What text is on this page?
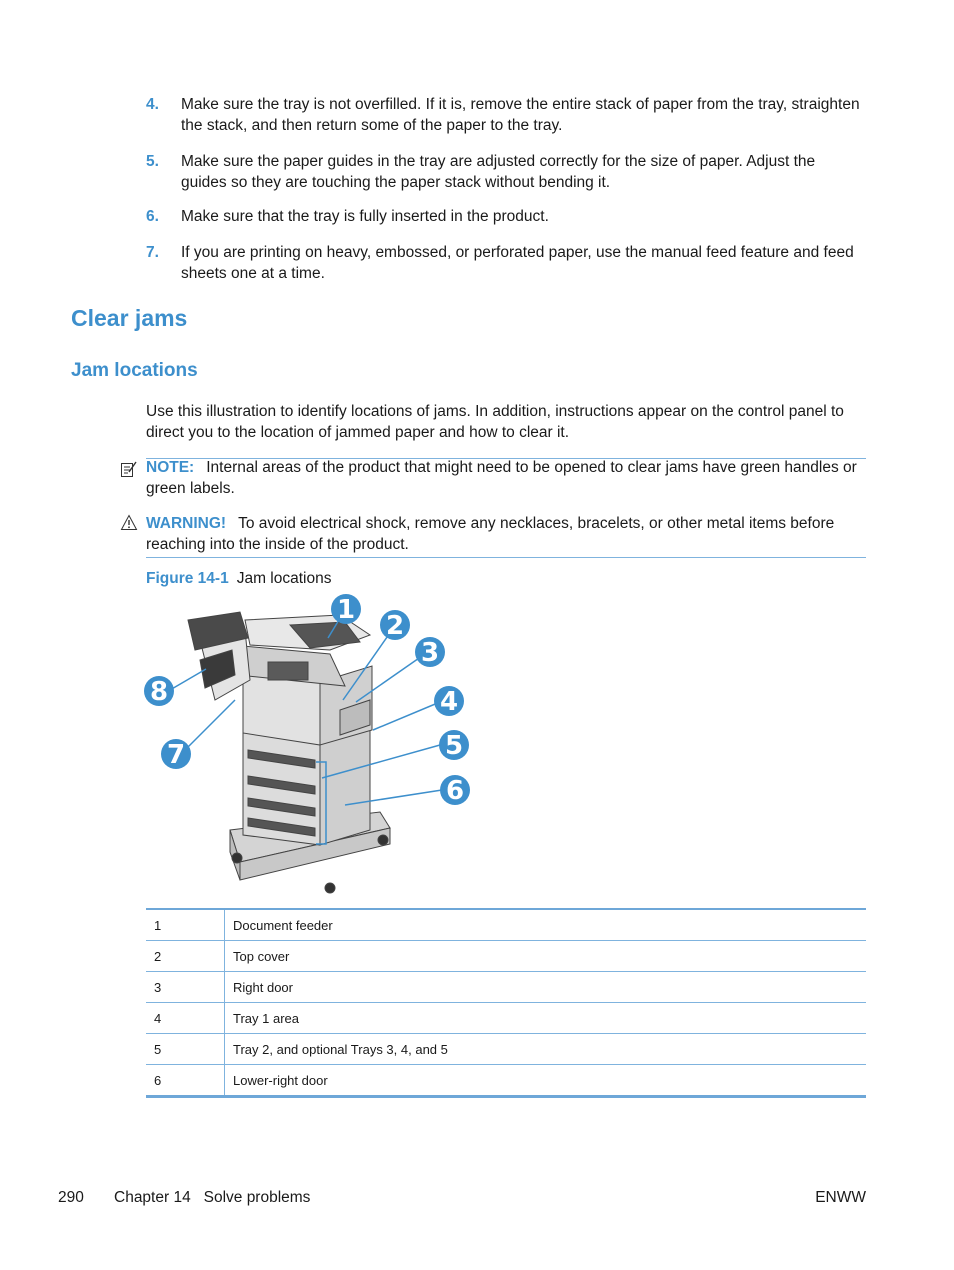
4. Make sure the tray is not overfilled. If it is, remove the entire stack of paper from the tray, straighten the stack, and then return some of the paper to the tray.
5. Make sure the paper guides in the tray are adjusted correctly for the size of paper. Adjust the guides so they are touching the paper stack without bending it.
6. Make sure that the tray is fully inserted in the product.
7. If you are printing on heavy, embossed, or perforated paper, use the manual feed feature and feed sheets one at a time.
Clear jams
Jam locations
Use this illustration to identify locations of jams. In addition, instructions appear on the control panel to direct you to the location of jammed paper and how to clear it.
NOTE: Internal areas of the product that might need to be opened to clear jams have green handles or green labels.
WARNING! To avoid electrical shock, remove any necklaces, bracelets, or other metal items before reaching into the inside of the product.
Figure 14-1 Jam locations
1
2
3
4
5
6
7
8
1	Document feeder
2	Top cover
3	Right door
4	Tray 1 area
5	Tray 2, and optional Trays 3, 4, and 5
6	Lower-right door
290 Chapter 14   Solve problems	ENWW
